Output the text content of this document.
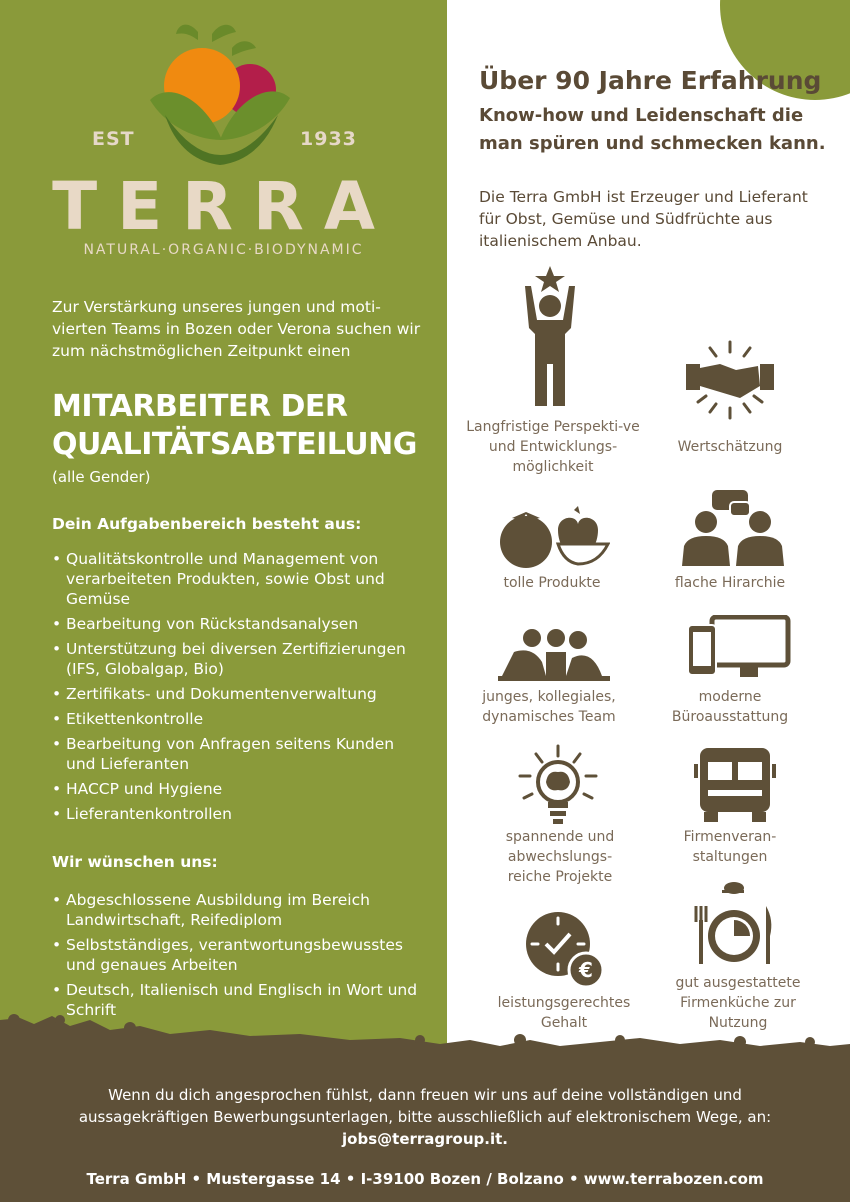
EST	1933
TERRA
NATURAL·ORGANIC·BIODYNAMIC
Zur Verstärkung unseres jungen und moti-vierten Teams in Bozen oder Verona suchen wir zum nächstmöglichen Zeitpunkt einen
MITARBEITER DER
QUALITÄTSABTEILUNG
(alle Gender)
Dein Aufgabenbereich besteht aus:
• Qualitätskontrolle und Management von verarbeiteten Produkten, sowie Obst und Gemüse
• Bearbeitung von Rückstandsanalysen
• Unterstützung bei diversen Zertifizierungen (IFS, Globalgap, Bio)
• Zertifikats- und Dokumentenverwaltung
• Etikettenkontrolle
• Bearbeitung von Anfragen seitens Kunden und Lieferanten
• HACCP und Hygiene
• Lieferantenkontrollen
Wir wünschen uns:
• Abgeschlossene Ausbildung im Bereich Landwirtschaft, Reifediplom
• Selbstständiges, verantwortungsbewusstes und genaues Arbeiten
• Deutsch, Italienisch und Englisch in Wort und Schrift
Über 90 Jahre Erfahrung
Know-how und Leidenschaft die man spüren und schmecken kann.
Die Terra GmbH ist Erzeuger und Lieferant für Obst, Gemüse und Südfrüchte aus italienischem Anbau.
€
Langfristige Perspekti-ve und Entwicklungs-möglichkeit
Wertschätzung
tolle Produkte	flache Hirarchie
junges, kollegiales, dynamisches Team
moderne Büroausstattung
spannende und abwechslungs-reiche Projekte
Firmenveran-staltungen
leistungsgerechtes Gehalt
gut ausgestattete Firmenküche zur Nutzung
Wenn du dich angesprochen fühlst, dann freuen wir uns auf deine vollständigen und aussagekräftigen Bewerbungsunterlagen, bitte ausschließlich auf elektronischem Wege, an:
jobs@terragroup.it.
Terra GmbH • Mustergasse 14 • I-39100 Bozen / Bolzano • www.terrabozen.com
